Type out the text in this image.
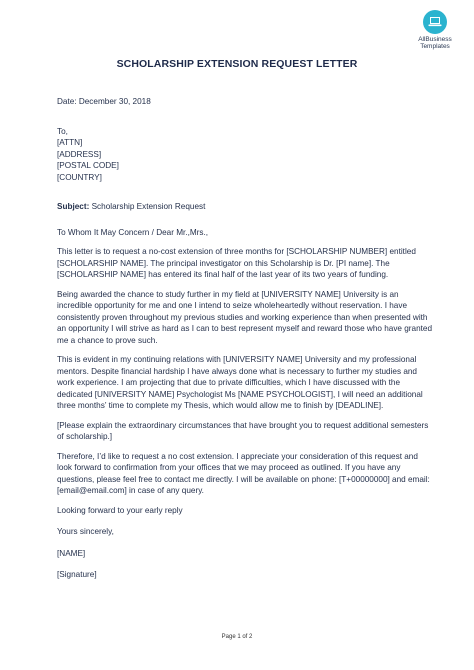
AllBusiness
Templates
SCHOLARSHIP EXTENSION REQUEST LETTER

Date: December 30, 2018

To,

[ATTN]

[ADDRESS]

[POSTAL CODE]

[COUNTRY]

Subject: Scholarship Extension Request

To Whom It May Concern / Dear Mr.,Mrs.,

This letter is to request a no-cost extension of three months for [SCHOLARSHIP NUMBER] entitled [SCHOLARSHIP NAME]. The principal investigator on this Scholarship is Dr. [PI name]. The [SCHOLARSHIP NAME] has entered its final half of the last year of its two years of funding.

Being awarded the chance to study further in my field at [UNIVERSITY NAME] University is an incredible opportunity for me and one I intend to seize wholeheartedly without reservation. I have consistently proven throughout my previous studies and working experience than when presented with an opportunity I will strive as hard as I can to best represent myself and reward those who have granted me a chance to prove such.

This is evident in my continuing relations with [UNIVERSITY NAME] University and my professional mentors. Despite financial hardship I have always done what is necessary to further my studies and work experience. I am projecting that due to private difficulties, which I have discussed with the dedicated [UNIVERSITY NAME] Psychologist Ms [NAME PSYCHOLOGIST], I will need an additional three months’ time to complete my Thesis, which would allow me to finish by [DEADLINE].

[Please explain the extraordinary circumstances that have brought you to request additional semesters of scholarship.]

Therefore, I’d like to request a no cost extension. I appreciate your consideration of this request and look forward to confirmation from your offices that we may proceed as outlined. If you have any questions, please feel free to contact me directly. I will be available on phone: [T+00000000] and email: [email@email.com] in case of any query.

Looking forward to your early reply

Yours sincerely,

[NAME]

[Signature]

Page 1 of 2
